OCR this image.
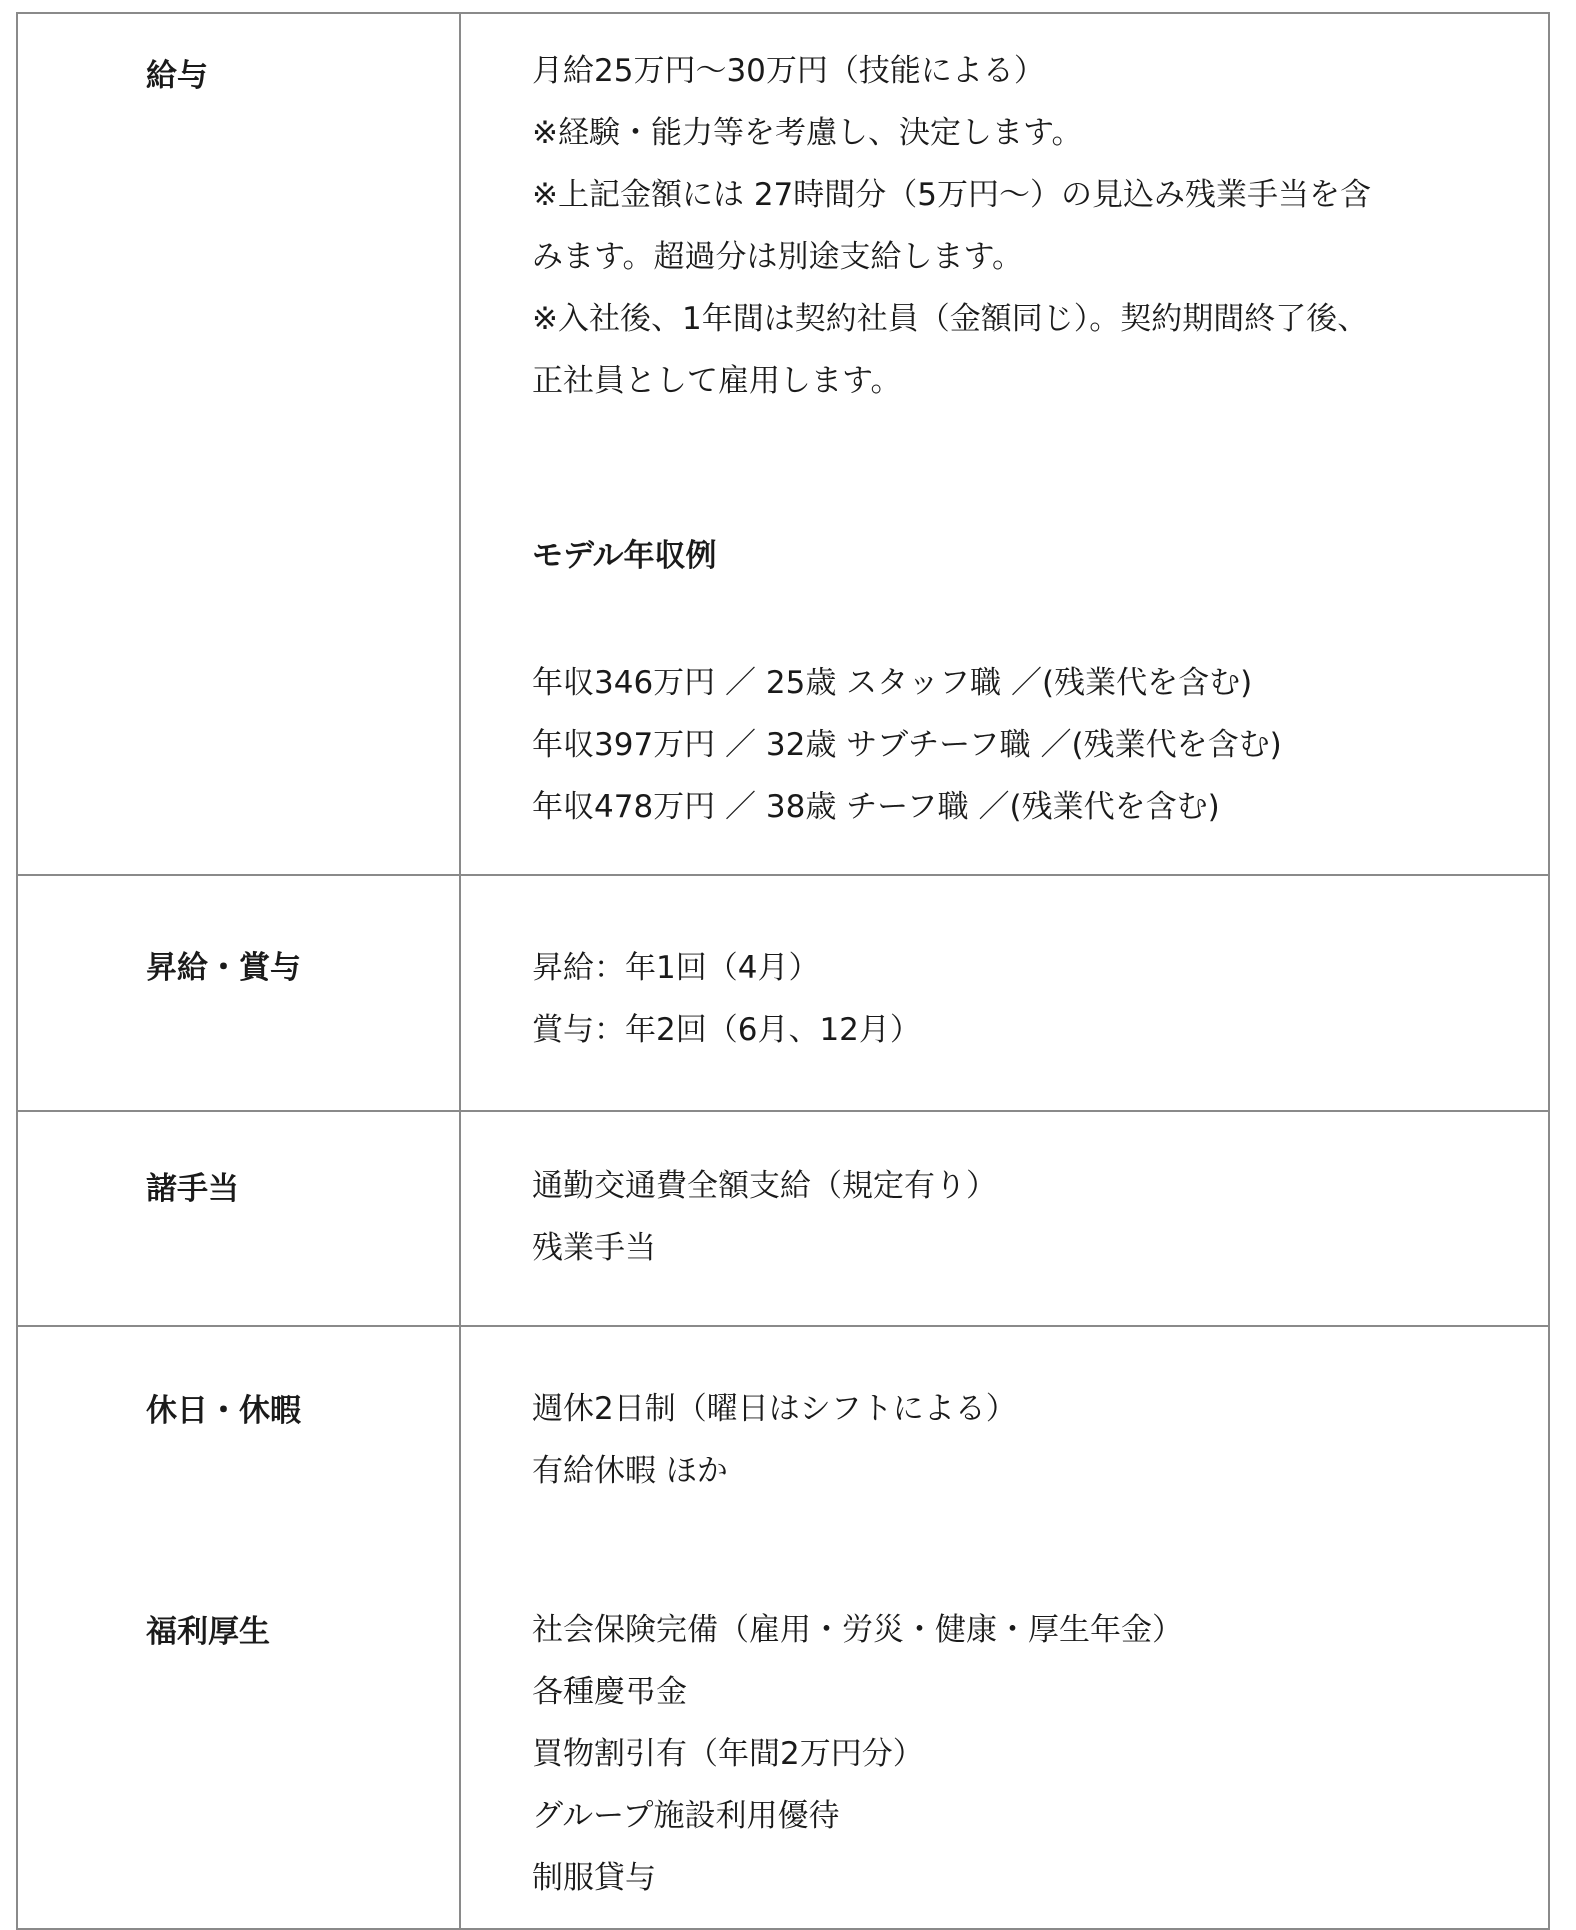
給与	月給25万円～30万円（技能による）
※経験・能力等を考慮し、決定します。
※上記金額には 27時間分（5万円～）の見込み残業手当を含
みます。超過分は別途支給します。
※入社後、1年間は契約社員（金額同じ）。契約期間終了後、
正社員として雇用します。
モデル年収例
年収346万円 ／ 25歳 スタッフ職 ／(残業代を含む)
年収397万円 ／ 32歳 サブチーフ職 ／(残業代を含む)
年収478万円 ／ 38歳 チーフ職 ／(残業代を含む)
昇給・賞与	昇給：年1回（4月）
賞与：年2回（6月、12月）
諸手当	通勤交通費全額支給（規定有り）
残業手当
休日・休暇	週休2日制（曜日はシフトによる）
有給休暇 ほか
福利厚生	社会保険完備（雇用・労災・健康・厚生年金）
各種慶弔金
買物割引有（年間2万円分）
グループ施設利用優待
制服貸与
